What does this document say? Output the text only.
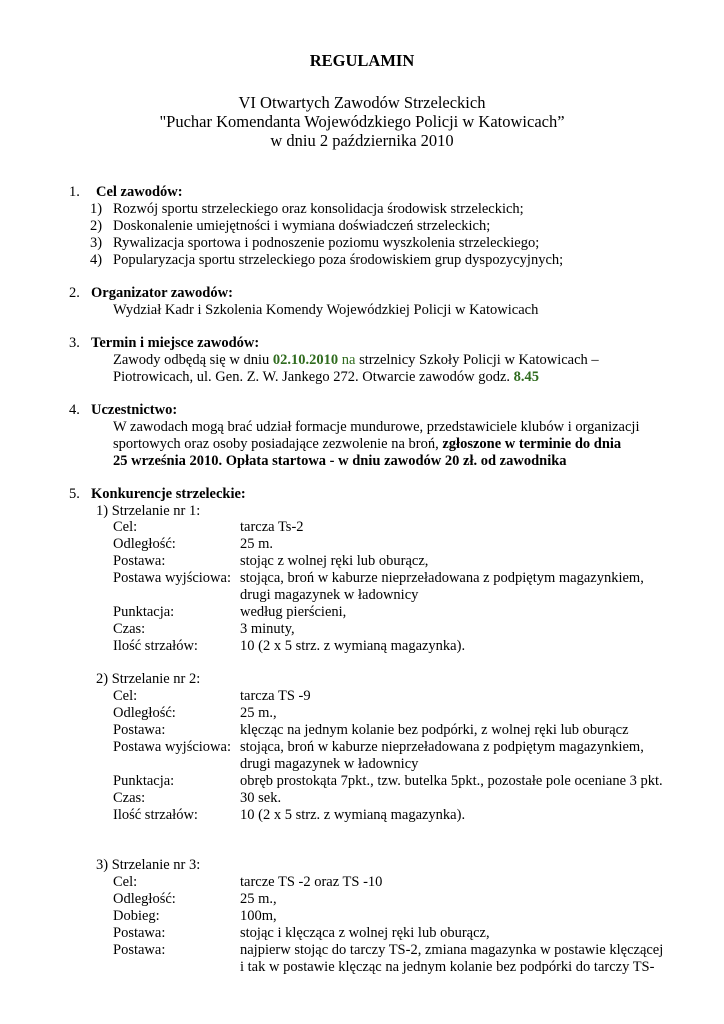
REGULAMIN
VI Otwartych Zawodów Strzeleckich
"Puchar Komendanta Wojewódzkiego Policji w Katowicach”
w dniu 2 października 2010
1. Cel zawodów:
1) Rozwój sportu strzeleckiego oraz konsolidacja środowisk strzeleckich;
2) Doskonalenie umiejętności i wymiana doświadczeń strzeleckich;
3) Rywalizacja sportowa i podnoszenie poziomu wyszkolenia strzeleckiego;
4) Popularyzacja sportu strzeleckiego poza środowiskiem grup dyspozycyjnych;
2. Organizator zawodów:
Wydział Kadr i Szkolenia Komendy Wojewódzkiej Policji w Katowicach
3. Termin i miejsce zawodów:
Zawody odbędą się w dniu 02.10.2010 na strzelnicy Szkoły Policji w Katowicach –
Piotrowicach, ul. Gen. Z. W. Jankego 272. Otwarcie zawodów godz. 8.45
4. Uczestnictwo:
W zawodach mogą brać udział formacje mundurowe, przedstawiciele klubów i organizacji
sportowych oraz osoby posiadające zezwolenie na broń, zgłoszone w terminie do dnia
25 września 2010. Opłata startowa - w dniu zawodów 20 zł. od zawodnika
5. Konkurencje strzeleckie:
1) Strzelanie nr 1:
Cel:	tarcza Ts-2
Odległość:	25 m.
Postawa:	stojąc z wolnej ręki lub oburącz,
Postawa wyjściowa: stojąca, broń w kaburze nieprzeładowana z podpiętym magazynkiem,
drugi magazynek w ładownicy
Punktacja:	według pierścieni,
Czas:	3 minuty,
Ilość strzałów:	10 (2 x 5 strz. z wymianą magazynka).
2) Strzelanie nr 2:
Cel:	tarcza TS -9
Odległość:	25 m.,
Postawa:	klęcząc na jednym kolanie bez podpórki, z wolnej ręki lub oburącz
Postawa wyjściowa: stojąca, broń w kaburze nieprzeładowana z podpiętym magazynkiem,
drugi magazynek w ładownicy
Punktacja:	obręb prostokąta 7pkt., tzw. butelka 5pkt., pozostałe pole oceniane 3 pkt.
Czas:	30 sek.
Ilość strzałów:	10 (2 x 5 strz. z wymianą magazynka).
3) Strzelanie nr 3:
Cel:	tarcze TS -2 oraz TS -10
Odległość:	25 m.,
Dobieg:	100m,
Postawa:	stojąc i klęcząca z wolnej ręki lub oburącz,
Postawa:	najpierw stojąc do tarczy TS-2, zmiana magazynka w postawie klęczącej
i tak w postawie klęcząc na jednym kolanie bez podpórki do tarczy TS-
